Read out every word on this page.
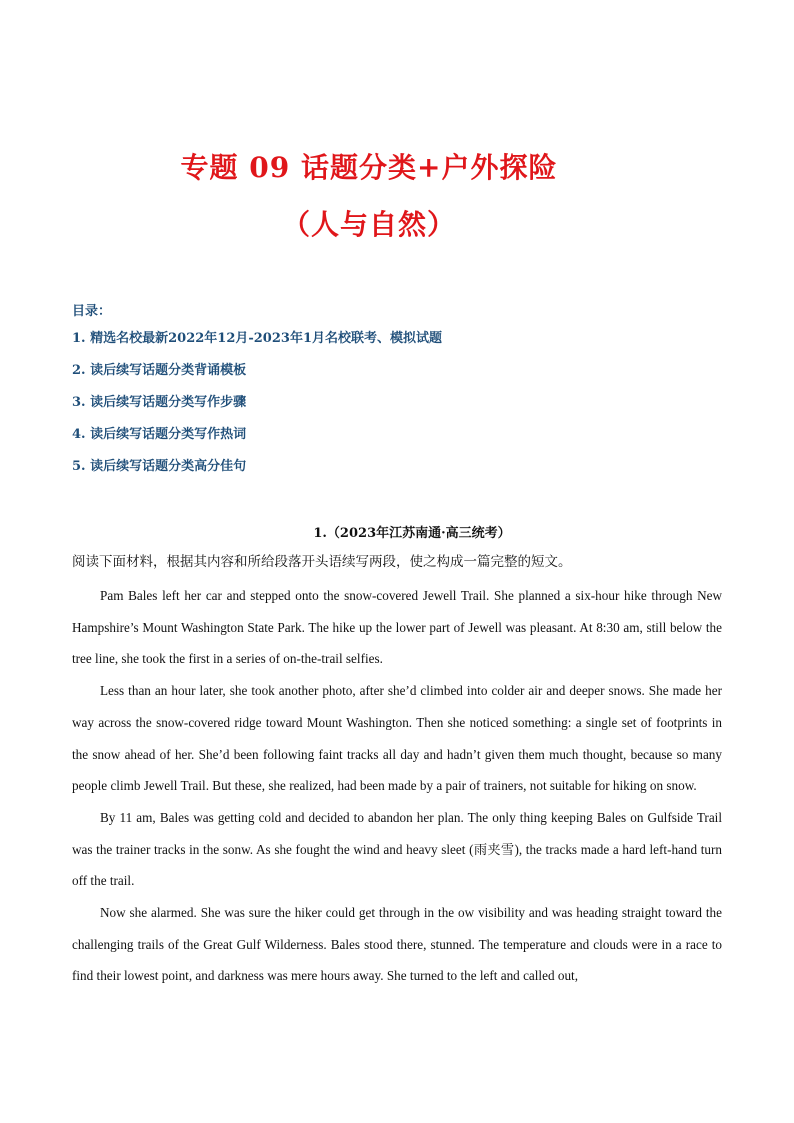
专题 09 话题分类+户外探险
（人与自然）
目录：
1. 精选名校最新2022年12月-2023年1月名校联考、模拟试题
2. 读后续写话题分类背诵模板
3. 读后续写话题分类写作步骤
4. 读后续写话题分类写作热词
5. 读后续写话题分类高分佳句
1.（2023年江苏南通·高三统考）
阅读下面材料，根据其内容和所给段落开头语续写两段，使之构成一篇完整的短文。

Pam Bales left her car and stepped onto the snow-covered Jewell Trail. She planned a six-hour hike through New Hampshire’s Mount Washington State Park. The hike up the lower part of Jewell was pleasant. At 8:30 am, still below the tree line, she took the first in a series of on-the-trail selfies.

Less than an hour later, she took another photo, after she’d climbed into colder air and deeper snows. She made her way across the snow-covered ridge toward Mount Washington. Then she noticed something: a single set of footprints in the snow ahead of her. She’d been following faint tracks all day and hadn’t given them much thought, because so many people climb Jewell Trail. But these, she realized, had been made by a pair of trainers, not suitable for hiking on snow.

By 11 am, Bales was getting cold and decided to abandon her plan. The only thing keeping Bales on Gulfside Trail was the trainer tracks in the sonw. As she fought the wind and heavy sleet (雨夹雪), the tracks made a hard left-hand turn off the trail.

Now she alarmed. She was sure the hiker could get through in the ow visibility and was heading straight toward the challenging trails of the Great Gulf Wilderness. Bales stood there, stunned. The temperature and clouds were in a race to find their lowest point, and darkness was mere hours away. She turned to the left and called out,
